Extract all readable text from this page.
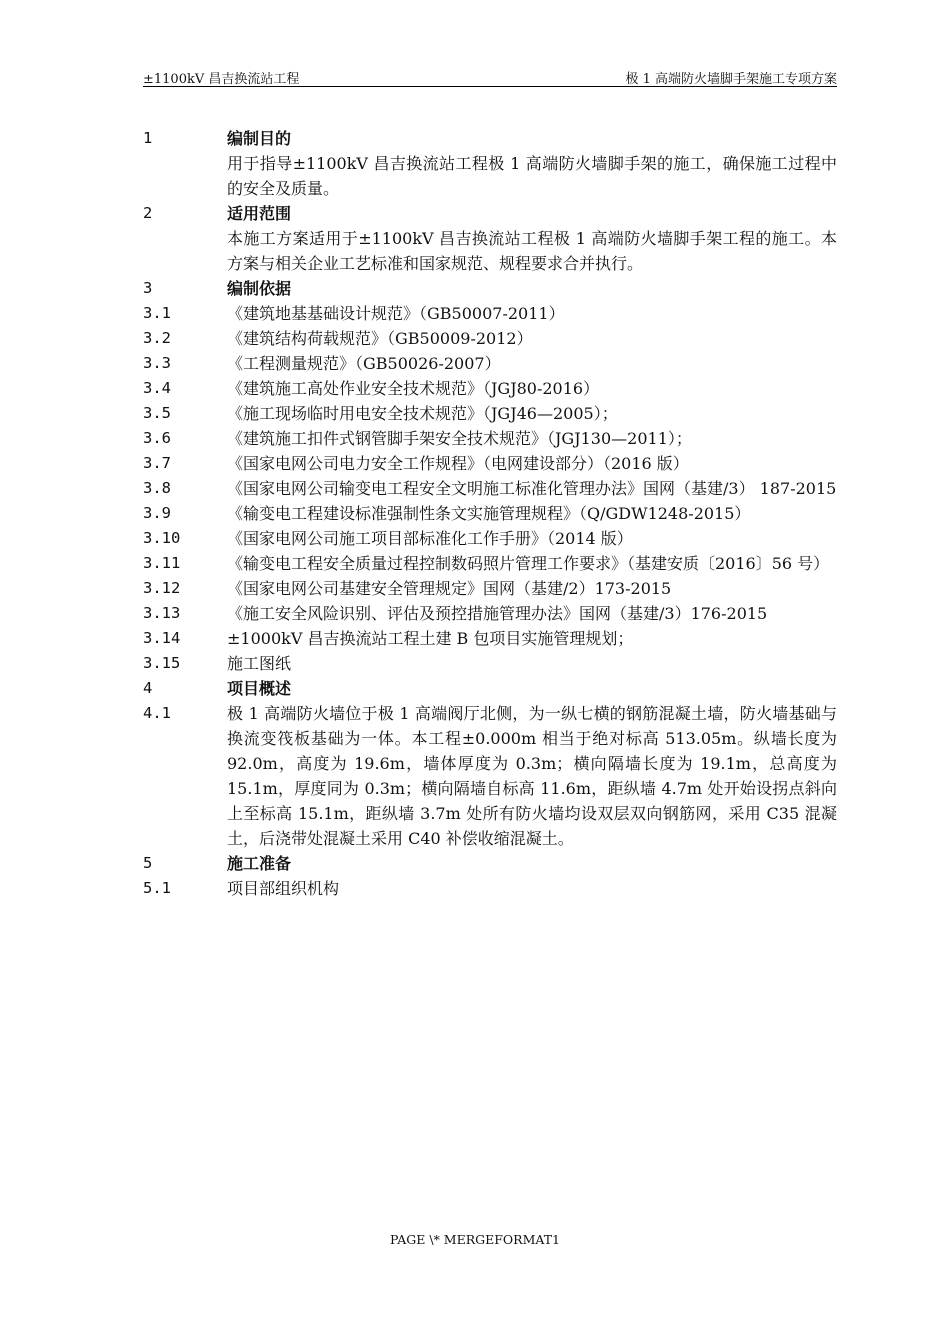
±1100kV 昌吉换流站工程	极 1 高端防火墙脚手架施工专项方案
1	编制目的
用于指导±1100kV 昌吉换流站工程极 1 高端防火墙脚手架的施工，确保施工过程中的安全及质量。
2	适用范围
本施工方案适用于±1100kV 昌吉换流站工程极 1 高端防火墙脚手架工程的施工。本方案与相关企业工艺标准和国家规范、规程要求合并执行。
3	编制依据
3.1	《建筑地基基础设计规范》（GB50007-2011）
3.2	《建筑结构荷载规范》（GB50009-2012）
3.3	《工程测量规范》（GB50026-2007）
3.4	《建筑施工高处作业安全技术规范》（JGJ80-2016）
3.5	《施工现场临时用电安全技术规范》（JGJ46—2005）；
3.6	《建筑施工扣件式钢管脚手架安全技术规范》（JGJ130—2011）；
3.7	《国家电网公司电力安全工作规程》（电网建设部分）（2016 版）
3.8	《国家电网公司输变电工程安全文明施工标准化管理办法》国网（基建/3） 187-2015
3.9	《输变电工程建设标准强制性条文实施管理规程》（Q/GDW1248-2015）
3.10	《国家电网公司施工项目部标准化工作手册》（2014 版）
3.11	《输变电工程安全质量过程控制数码照片管理工作要求》（基建安质〔2016〕56 号）
3.12	《国家电网公司基建安全管理规定》国网（基建/2）173-2015
3.13	《施工安全风险识别、评估及预控措施管理办法》国网（基建/3）176-2015
3.14	±1000kV 昌吉换流站工程土建 B 包项目实施管理规划；
3.15	施工图纸
4	项目概述
4.1	极 1 高端防火墙位于极 1 高端阀厅北侧，为一纵七横的钢筋混凝土墙，防火墙基础与换流变筏板基础为一体。本工程±0.000m 相当于绝对标高 513.05m。纵墙长度为 92.0m，高度为 19.6m，墙体厚度为 0.3m；横向隔墙长度为 19.1m，总高度为 15.1m，厚度同为 0.3m；横向隔墙自标高 11.6m，距纵墙 4.7m 处开始设拐点斜向上至标高 15.1m，距纵墙 3.7m 处所有防火墙均设双层双向钢筋网，采用 C35 混凝土，后浇带处混凝土采用 C40 补偿收缩混凝土。
5	施工准备
5.1	项目部组织机构
PAGE \* MERGEFORMAT1
